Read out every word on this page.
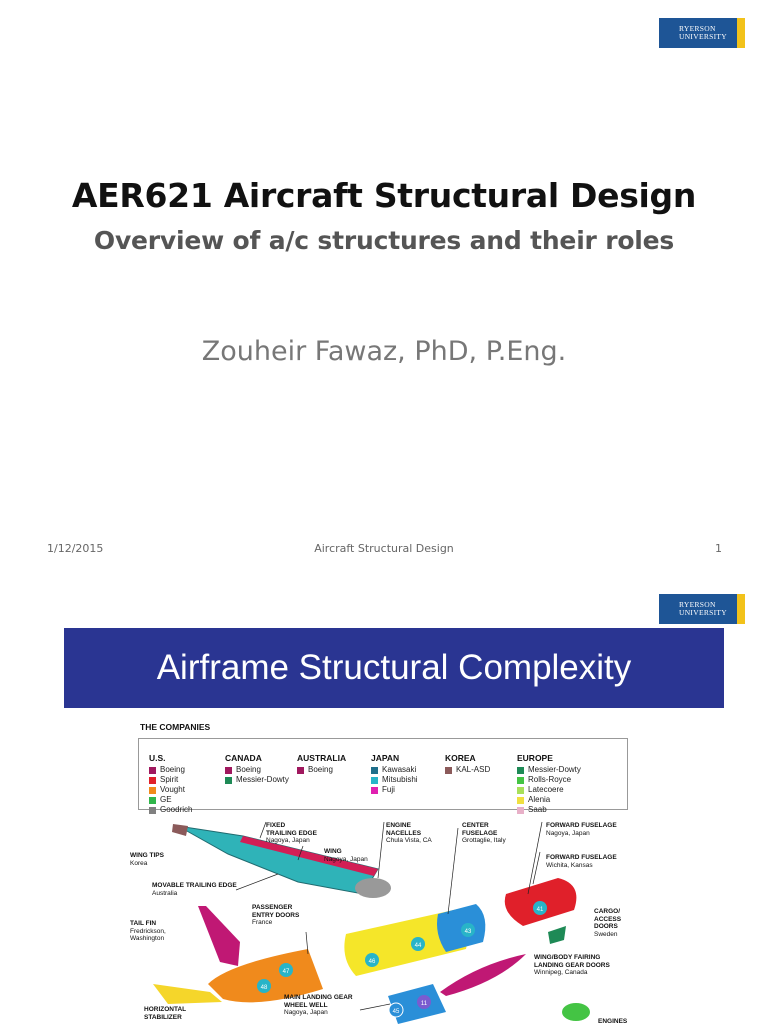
RYERSON
UNIVERSITY
AER621 Aircraft Structural Design
Overview of a/c structures and their roles
Zouheir Fawaz, PhD, P.Eng.
1/12/2015	Aircraft Structural Design	1
RYERSON
UNIVERSITY
Airframe Structural Complexity
THE COMPANIES
U.S.
Boeing
Spirit
Vought
GE
Goodrich
CANADA
Boeing
Messier-Dowty
AUSTRALIA
Boeing
JAPAN
Kawasaki
Mitsubishi
Fuji
KOREA
KAL-ASD
EUROPE
Messier-Dowty
Rolls-Royce
Latecoere
Alenia
Saab
48
47
44
46
43
41
45
11
WING TIPS
Korea
FIXED
TRAILING EDGE
Nagoya, Japan
WING
Nagoya, Japan
ENGINE
NACELLES
Chula Vista, CA
CENTER
FUSELAGE
Grottaglie, Italy
FORWARD FUSELAGE
Nagoya, Japan
FORWARD FUSELAGE
Wichita, Kansas
MOVABLE TRAILING EDGE
Australia
TAIL FIN
Fredrickson,
Washington
PASSENGER
ENTRY DOORS
France
CARGO/
ACCESS
DOORS
Sweden
WING/BODY FAIRING
LANDING GEAR DOORS
Winnipeg, Canada
MAIN LANDING GEAR
WHEEL WELL
Nagoya, Japan
HORIZONTAL
STABILIZER
ENGINES
